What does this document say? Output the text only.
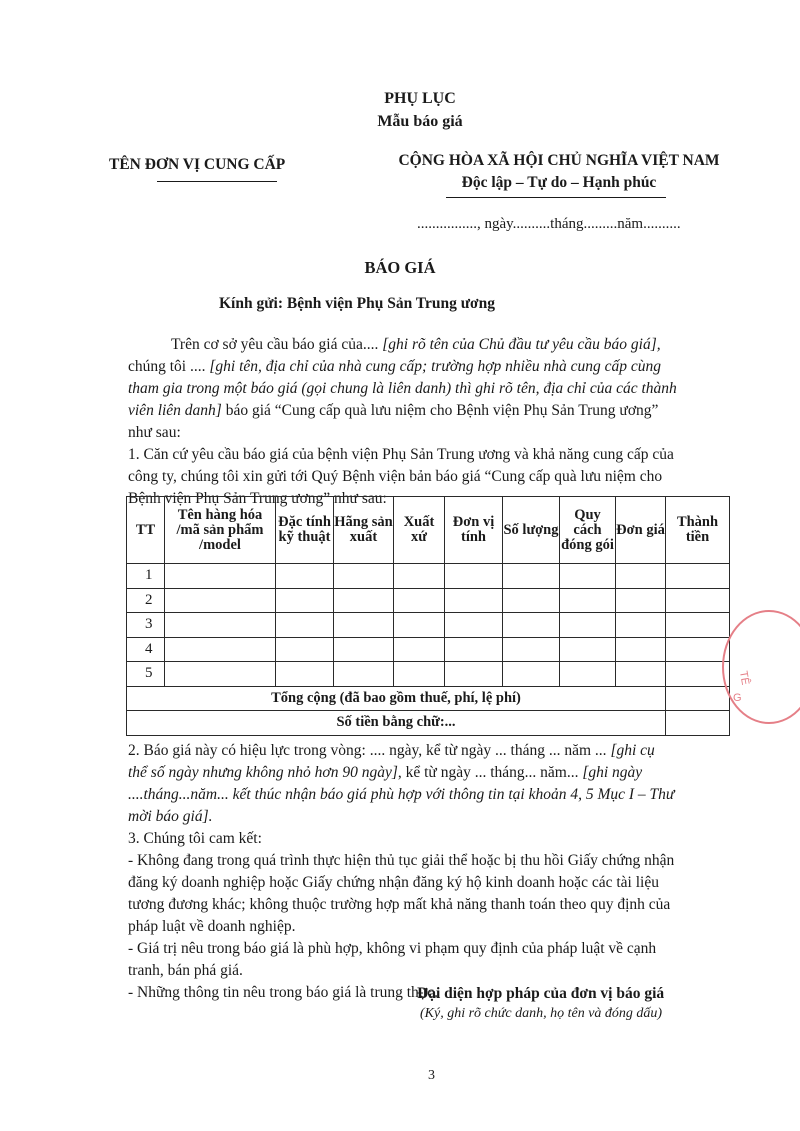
PHỤ LỤC
Mẫu báo giá
TÊN ĐƠN VỊ CUNG CẤP	CỘNG HÒA XÃ HỘI CHỦ NGHĨA VIỆT NAM
Độc lập – Tự do – Hạnh phúc
................, ngày..........tháng.........năm..........
BÁO GIÁ
Kính gửi: Bệnh viện Phụ Sản Trung ương
Trên cơ sở yêu cầu báo giá của.... [ghi rõ tên của Chủ đầu tư yêu cầu báo giá],
chúng tôi .... [ghi tên, địa chỉ của nhà cung cấp; trường hợp nhiều nhà cung cấp cùng
tham gia trong một báo giá (gọi chung là liên danh) thì ghi rõ tên, địa chỉ của các thành
viên liên danh] báo giá “Cung cấp quà lưu niệm cho Bệnh viện Phụ Sản Trung ương”
như sau:
1. Căn cứ yêu cầu báo giá của bệnh viện Phụ Sản Trung ương và khả năng cung cấp của
công ty, chúng tôi xin gửi tới Quý Bệnh viện bản báo giá “Cung cấp quà lưu niệm cho
Bệnh viện Phụ Sản Trung ương” như sau:
TT	Tên hàng hóa /mã sản phẩm /model	Đặc tính kỹ thuật	Hãng sản xuất	Xuất xứ	Đơn vị tính	Số lượng	Quy cách đóng gói	Đơn giá	Thành tiền
1									
2									
3									
4									
5									
Tổng cộng (đã bao gồm thuế, phí, lệ phí)									
Số tiền bằng chữ:...									
TÊ
G
2. Báo giá này có hiệu lực trong vòng: .... ngày, kể từ ngày ... tháng ... năm ... [ghi cụ
thể số ngày nhưng không nhỏ hơn 90 ngày], kể từ ngày ... tháng... năm... [ghi ngày
....tháng...năm... kết thúc nhận báo giá phù hợp với thông tin tại khoản 4, 5 Mục I – Thư
mời báo giá].
3. Chúng tôi cam kết:
- Không đang trong quá trình thực hiện thủ tục giải thể hoặc bị thu hồi Giấy chứng nhận
đăng ký doanh nghiệp hoặc Giấy chứng nhận đăng ký hộ kinh doanh hoặc các tài liệu
tương đương khác; không thuộc trường hợp mất khả năng thanh toán theo quy định của
pháp luật về doanh nghiệp.
- Giá trị nêu trong báo giá là phù hợp, không vi phạm quy định của pháp luật về cạnh
tranh, bán phá giá.
- Những thông tin nêu trong báo giá là trung thực.
Đại diện hợp pháp của đơn vị báo giá
(Ký, ghi rõ chức danh, họ tên và đóng dấu)
3
